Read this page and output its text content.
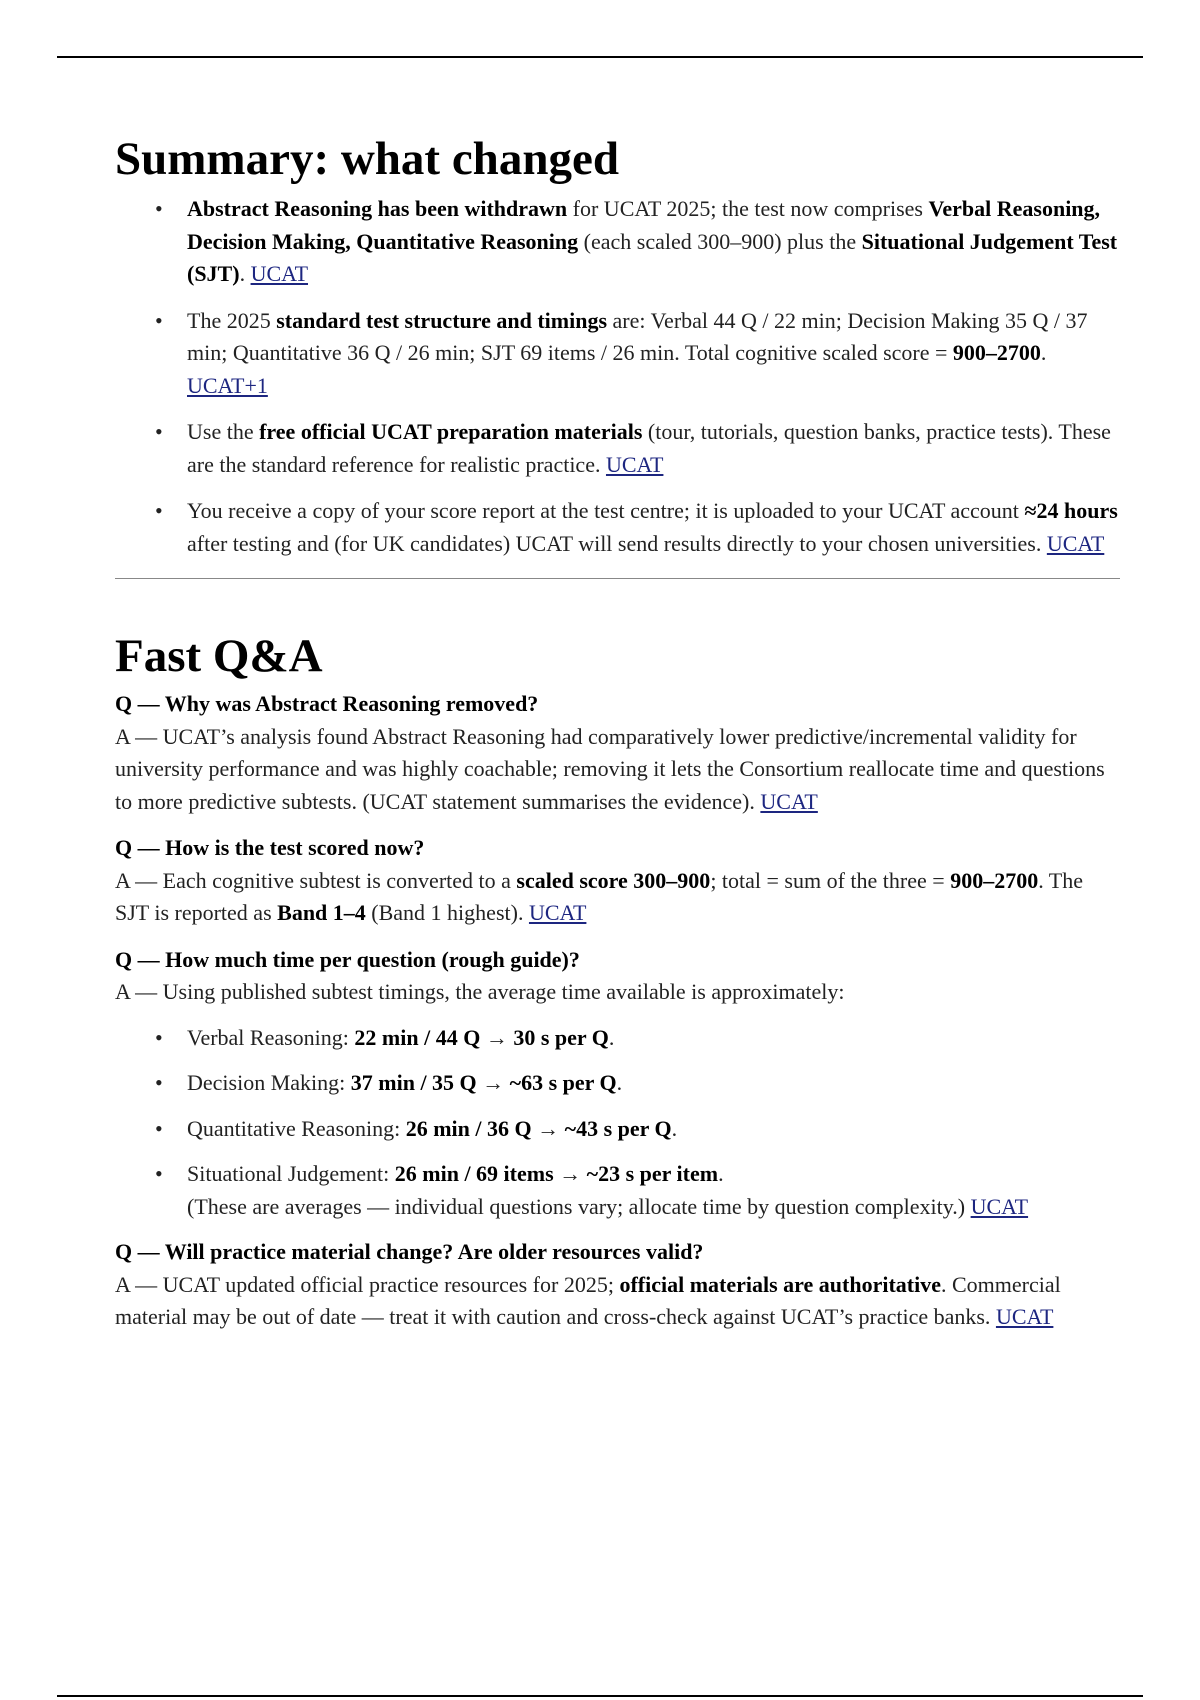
Summary: what changed
• Abstract Reasoning has been withdrawn for UCAT 2025; the test now comprises Verbal Reasoning, Decision Making, Quantitative Reasoning (each scaled 300–900) plus the Situational Judgement Test (SJT). UCAT
• The 2025 standard test structure and timings are: Verbal 44 Q / 22 min; Decision Making 35 Q / 37 min; Quantitative 36 Q / 26 min; SJT 69 items / 26 min. Total cognitive scaled score = 900–2700. UCAT+1
• Use the free official UCAT preparation materials (tour, tutorials, question banks, practice tests). These are the standard reference for realistic practice. UCAT
• You receive a copy of your score report at the test centre; it is uploaded to your UCAT account ≈24 hours after testing and (for UK candidates) UCAT will send results directly to your chosen universities. UCAT
Fast Q&A

Q — Why was Abstract Reasoning removed?

A — UCAT’s analysis found Abstract Reasoning had comparatively lower predictive/incremental validity for university performance and was highly coachable; removing it lets the Consortium reallocate time and questions to more predictive subtests. (UCAT statement summarises the evidence). UCAT

Q — How is the test scored now?

A — Each cognitive subtest is converted to a scaled score 300–900; total = sum of the three = 900–2700. The SJT is reported as Band 1–4 (Band 1 highest). UCAT

Q — How much time per question (rough guide)?

A — Using published subtest timings, the average time available is approximately:

• Verbal Reasoning: 22 min / 44 Q → 30 s per Q.
• Decision Making: 37 min / 35 Q → ~63 s per Q.
• Quantitative Reasoning: 26 min / 36 Q → ~43 s per Q.
• Situational Judgement: 26 min / 69 items → ~23 s per item.
(These are averages — individual questions vary; allocate time by question complexity.) UCAT

Q — Will practice material change? Are older resources valid?

A — UCAT updated official practice resources for 2025; official materials are authoritative. Commercial material may be out of date — treat it with caution and cross-check against UCAT’s practice banks. UCAT
